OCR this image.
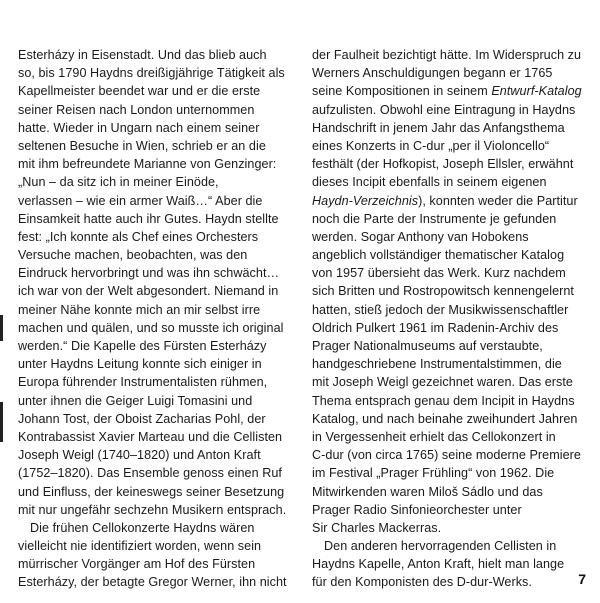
Esterházy in Eisenstadt. Und das blieb auch
so, bis 1790 Haydns dreißigjährige Tätigkeit als
Kapellmeister beendet war und er die erste
seiner Reisen nach London unternommen
hatte. Wieder in Ungarn nach einem seiner
seltenen Besuche in Wien, schrieb er an die
mit ihm befreundete Marianne von Genzinger:
„Nun – da sitz ich in meiner Einöde,
verlassen – wie ein armer Waiß…“ Aber die
Einsamkeit hatte auch ihr Gutes. Haydn stellte
fest: „Ich konnte als Chef eines Orchesters
Versuche machen, beobachten, was den
Eindruck hervorbringt und was ihn schwächt…
ich war von der Welt abgesondert. Niemand in
meiner Nähe konnte mich an mir selbst irre
machen und quälen, und so musste ich original
werden.“ Die Kapelle des Fürsten Esterházy
unter Haydns Leitung konnte sich einiger in
Europa führender Instrumentalisten rühmen,
unter ihnen die Geiger Luigi Tomasini und
Johann Tost, der Oboist Zacharias Pohl, der
Kontrabassist Xavier Marteau und die Cellisten
Joseph Weigl (1740–1820) und Anton Kraft
(1752–1820). Das Ensemble genoss einen Ruf
und Einfluss, der keineswegs seiner Besetzung
mit nur ungefähr sechzehn Musikern entsprach.
Die frühen Cellokonzerte Haydns wären
vielleicht nie identifiziert worden, wenn sein
mürrischer Vorgänger am Hof des Fürsten
Esterházy, der betagte Gregor Werner, ihn nicht
der Faulheit bezichtigt hätte. Im Widerspruch zu
Werners Anschuldigungen begann er 1765
seine Kompositionen in seinem Entwurf-Katalog
aufzulisten. Obwohl eine Eintragung in Haydns
Handschrift in jenem Jahr das Anfangsthema
eines Konzerts in C-dur „per il Violoncello“
festhält (der Hofkopist, Joseph Ellsler, erwähnt
dieses Incipit ebenfalls in seinem eigenen
Haydn-Verzeichnis), konnten weder die Partitur
noch die Parte der Instrumente je gefunden
werden. Sogar Anthony van Hobokens
angeblich vollständiger thematischer Katalog
von 1957 übersieht das Werk. Kurz nachdem
sich Britten und Rostropowitsch kennengelernt
hatten, stieß jedoch der Musikwissenschaftler
Oldrich Pulkert 1961 im Radenin-Archiv des
Prager Nationalmuseums auf verstaubte,
handgeschriebene Instrumentalstimmen, die
mit Joseph Weigl gezeichnet waren. Das erste
Thema entsprach genau dem Incipit in Haydns
Katalog, und nach beinahe zweihundert Jahren
in Vergessenheit erhielt das Cellokonzert in
C-dur (von circa 1765) seine moderne Premiere
im Festival „Prager Frühling“ von 1962. Die
Mitwirkenden waren Miloš Sádlo und das
Prager Radio Sinfonieorchester unter
Sir Charles Mackerras.
Den anderen hervorragenden Cellisten in
Haydns Kapelle, Anton Kraft, hielt man lange
für den Komponisten des D-dur-Werks.	7
